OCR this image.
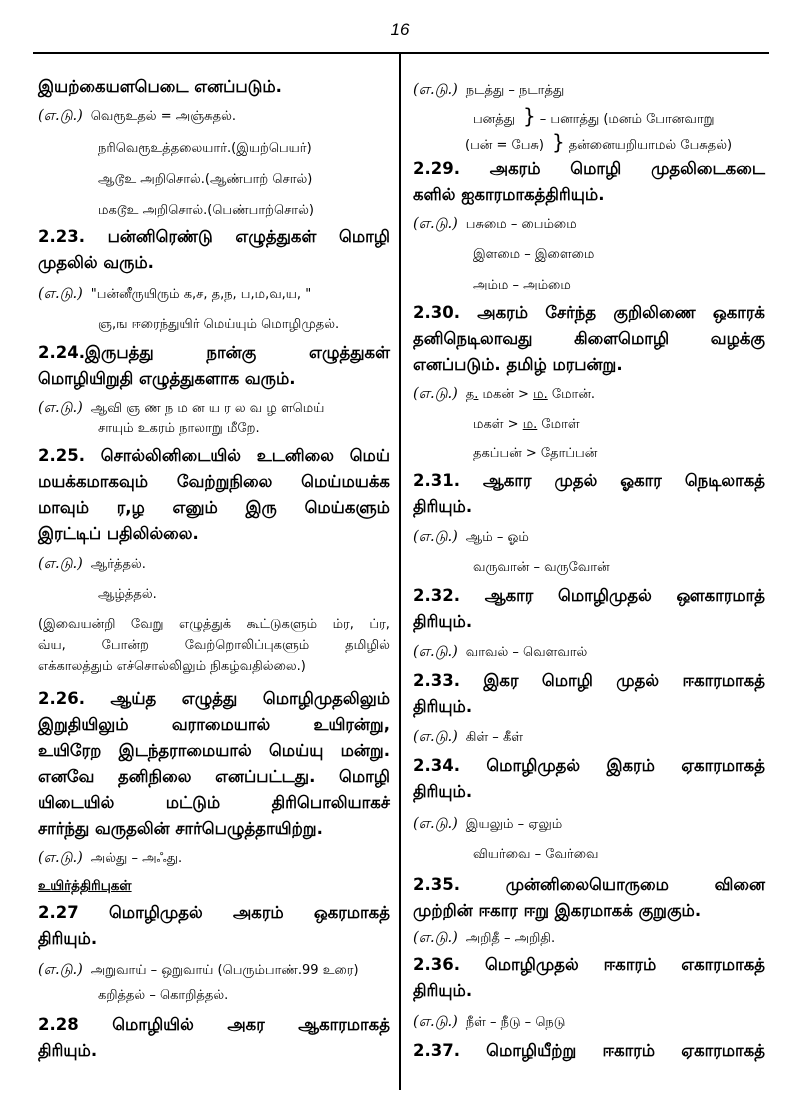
16
இயற்கையளபெடை எனப்படும்.
(எ.டு.) வெரூஉதல் = அஞ்சுதல்.
நரிவெரூஉத்தலையார்.(இயற்பெயர்)
ஆடூஉ அறிசொல்.(ஆண்பாற் சொல்)
மகடூஉ அறிசொல்.(பெண்பாற்சொல்)
2.23. பன்னிரெண்டு எழுத்துகள் மொழி
முதலில் வரும்.
(எ.டு.) "பன்னீருயிரும் க,ச, த,ந, ப,ம,வ,ய, "
ஞ,ங ஈரைந்துயிர் மெய்யும் மொழிமுதல்.
2.24.இருபத்து	நான்கு	எழுத்துகள்
மொழியிறுதி எழுத்துகளாக வரும்.
(எ.டு.) ஆவி ஞ ண ந ம ன ய ர ல வ ழ ளமெய்
சாயும் உகரம் நாலாறு மீறே.
2.25. சொல்லினிடையில் உடனிலை மெய்
மயக்கமாகவும் வேற்றுநிலை மெய்மயக்க
மாவும் ர,ழ எனும் இரு மெய்களும்
இரட்டிப் பதிலில்லை.
(எ.டு.) ஆர்த்தல்.
ஆழ்த்தல்.
(இவையன்றி வேறு எழுத்துக் கூட்டுகளும் ம்ர, ப்ர,
வ்ய,	போன்ற	வேற்றொலிப்புகளும்	தமிழில்
எக்காலத்தும் எச்சொல்லிலும் நிகழ்வதில்லை.)
2.26. ஆய்த எழுத்து மொழிமுதலிலும்
இறுதியிலும்	வராமையால்	உயிரன்று,
உயிரேற இடந்தராமையால் மெய்யு மன்று.
எனவே தனிநிலை எனப்பட்டது. மொழி
யிடையில்	மட்டும்	திரிபொலியாகச்
சார்ந்து வருதலின் சார்பெழுத்தாயிற்று.
(எ.டு.) அல்து – அஃது.
உயிர்த்திரிபுகள்
2.27 மொழிமுதல் அகரம் ஒகரமாகத்
திரியும்.
(எ.டு.) அறுவாய் – ஒறுவாய் (பெரும்பாண்.99 உரை)
கறித்தல் – கொறித்தல்.
2.28 மொழியில் அகர ஆகாரமாகத்
திரியும்.
(எ.டு.) நடத்து – நடாத்து
பனத்து } – பனாத்து (மனம் போனவாறு
(பன் = பேசு) } தன்னையறியாமல் பேசுதல்)
2.29. அகரம் மொழி முதலிடைகடை
களில் ஐகாரமாகத்திரியும்.
(எ.டு.) பசுமை – பைம்மை
இளமை – இளைமை
அம்ம – அம்மை
2.30. அகரம் சேர்ந்த குறிலிணை ஒகாரக்
தனிநெடிலாவது	கிளைமொழி	வழக்கு
எனப்படும். தமிழ் மரபன்று.
(எ.டு.) த. மகன் > ம. மோன்.
மகள் > ம. மோள்
தகப்பன் > தோப்பன்
2.31. ஆகார முதல் ஓகார நெடிலாகத்
திரியும்.
(எ.டு.) ஆம் – ஓம்
வருவான் – வருவோன்
2.32. ஆகார மொழிமுதல் ஔகாரமாத்
திரியும்.
(எ.டு.) வாவல் – வௌவால்
2.33. இகர மொழி முதல் ஈகாரமாகத்
திரியும்.
(எ.டு.) கிள் – கீள்
2.34. மொழிமுதல் இகரம் ஏகாரமாகத்
திரியும்.
(எ.டு.) இயலும் – ஏலும்
வியர்வை – வேர்வை
2.35.	முன்னிலையொருமை	வினை
முற்றின் ஈகார ஈறு இகரமாகக் குறுகும்.
(எ.டு.) அறிதீ – அறிதி.
2.36. மொழிமுதல் ஈகாரம் எகாரமாகத்
திரியும்.
(எ.டு.) நீள் – நீடு – நெடு
2.37. மொழியீற்று ஈகாரம் ஏகாரமாகத்
